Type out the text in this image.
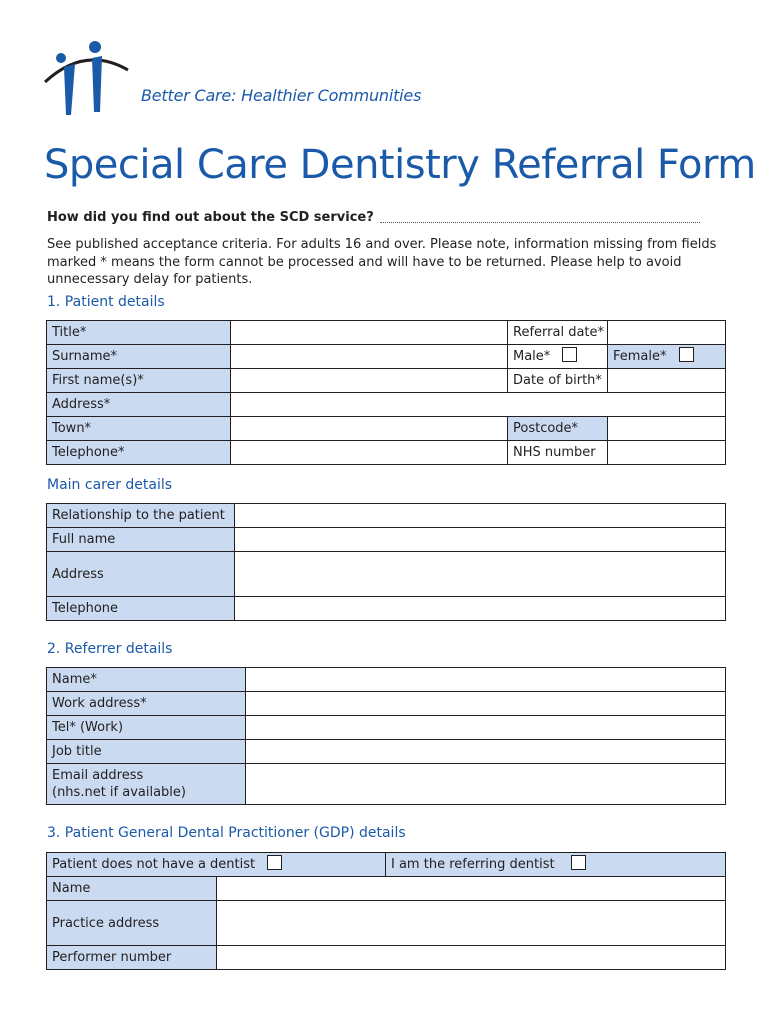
Better Care: Healthier Communities
Special Care Dentistry Referral Form
How did you find out about the SCD service?
See published acceptance criteria. For adults 16 and over. Please note, information missing from fields marked * means the form cannot be processed and will have to be returned. Please help to avoid unnecessary delay for patients.
1. Patient details
Title*		Referral date*	
Surname*		Male*	Female*
First name(s)*		Date of birth*	
Address*			
Town*		Postcode*	
Telephone*		NHS number	
Main carer details
Relationship to the patient	
Full name	
Address	
Telephone	
2. Referrer details
Name*	
Work address*	
Tel* (Work)	
Job title	
Email address
(nhs.net if available)	
3. Patient General Dental Practitioner (GDP) details
Patient does not have a dentist		I am the referring dentist
Name		
Practice address		
Performer number		
